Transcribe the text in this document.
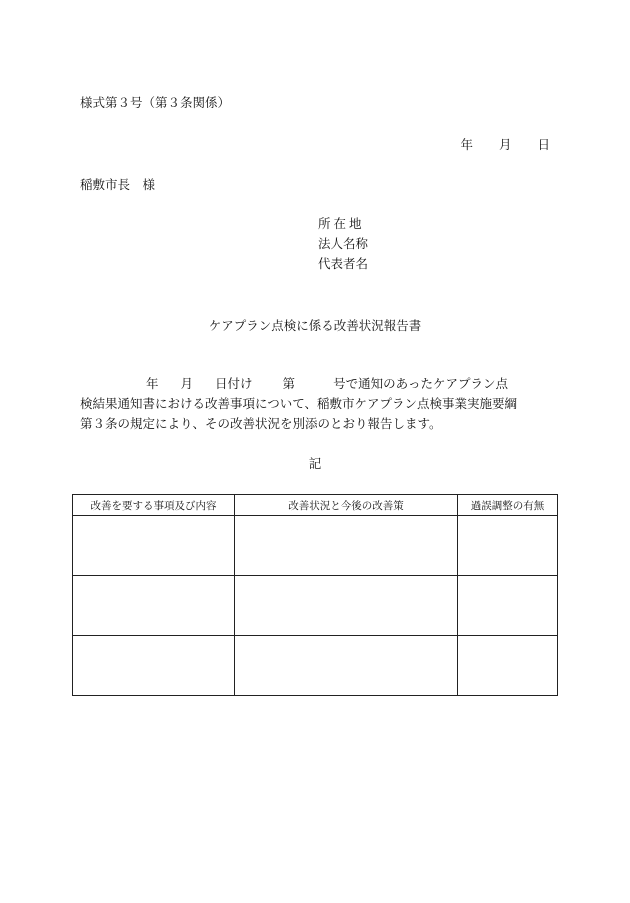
様式第３号（第３条関係）
年 月 日
稲敷市長　様
所在地
法人名称
代表者名
ケアプラン点検に係る改善状況報告書
年 月 日付け 第	号で通知のあったケアプラン点
検結果通知書における改善事項について、稲敷市ケアプラン点検事業実施要綱
第３条の規定により、その改善状況を別添のとおり報告します。
記
改善を要する事項及び内容	改善状況と今後の改善策	過誤調整の有無
